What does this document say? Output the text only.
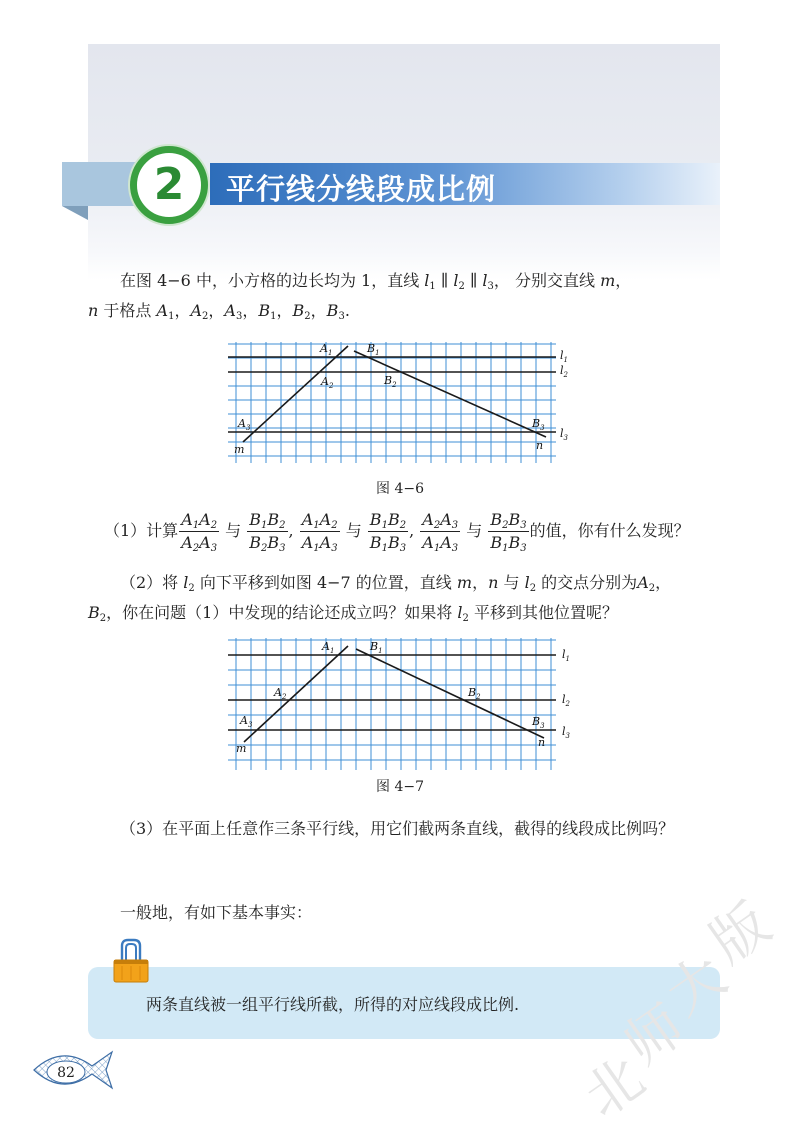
2	平行线分线段成比例
在图 4−6 中，小方格的边长均为 1，直线 $l_1$ ∥ $l_2$ ∥ $l_3$， 分别交直线 m，
n 于格点 $A_1$，$A_2$，$A_3$，$B_1$，$B_2$，$B_3$.
$A_1$
$A_2$
$A_3$
$B_1$
$B_2$
$B_3$
$l_1$
$l_2$
$l_3$
m	n
图 4−6
（1）计算 $\frac{A_1A_2}{A_2A_3}$ 与 $\frac{B_1B_2}{B_2B_3}$ , $\frac{A_1A_2}{A_1A_3}$ 与 $\frac{B_1B_2}{B_1B_3}$ , $\frac{A_2A_3}{A_1A_3}$ 与 $\frac{B_2B_3}{B_1B_3}$ 的值，你有什么发现？
（2）将 $l_2$ 向下平移到如图 4−7 的位置，直线 m，n 与 $l_2$ 的交点分别为$A_2$，
$B_2$，你在问题（1）中发现的结论还成立吗？如果将 $l_2$ 平移到其他位置呢？
$A_1$
$A_2$
$A_3$
$B_1$
$B_2$
$B_3$
$l_1$
$l_2$
$l_3$
m	n
图 4−7
（3）在平面上任意作三条平行线，用它们截两条直线，截得的线段成比例吗？
一般地，有如下基本事实：
两条直线被一组平行线所截，所得的对应线段成比例.
版
大
师
北
82
